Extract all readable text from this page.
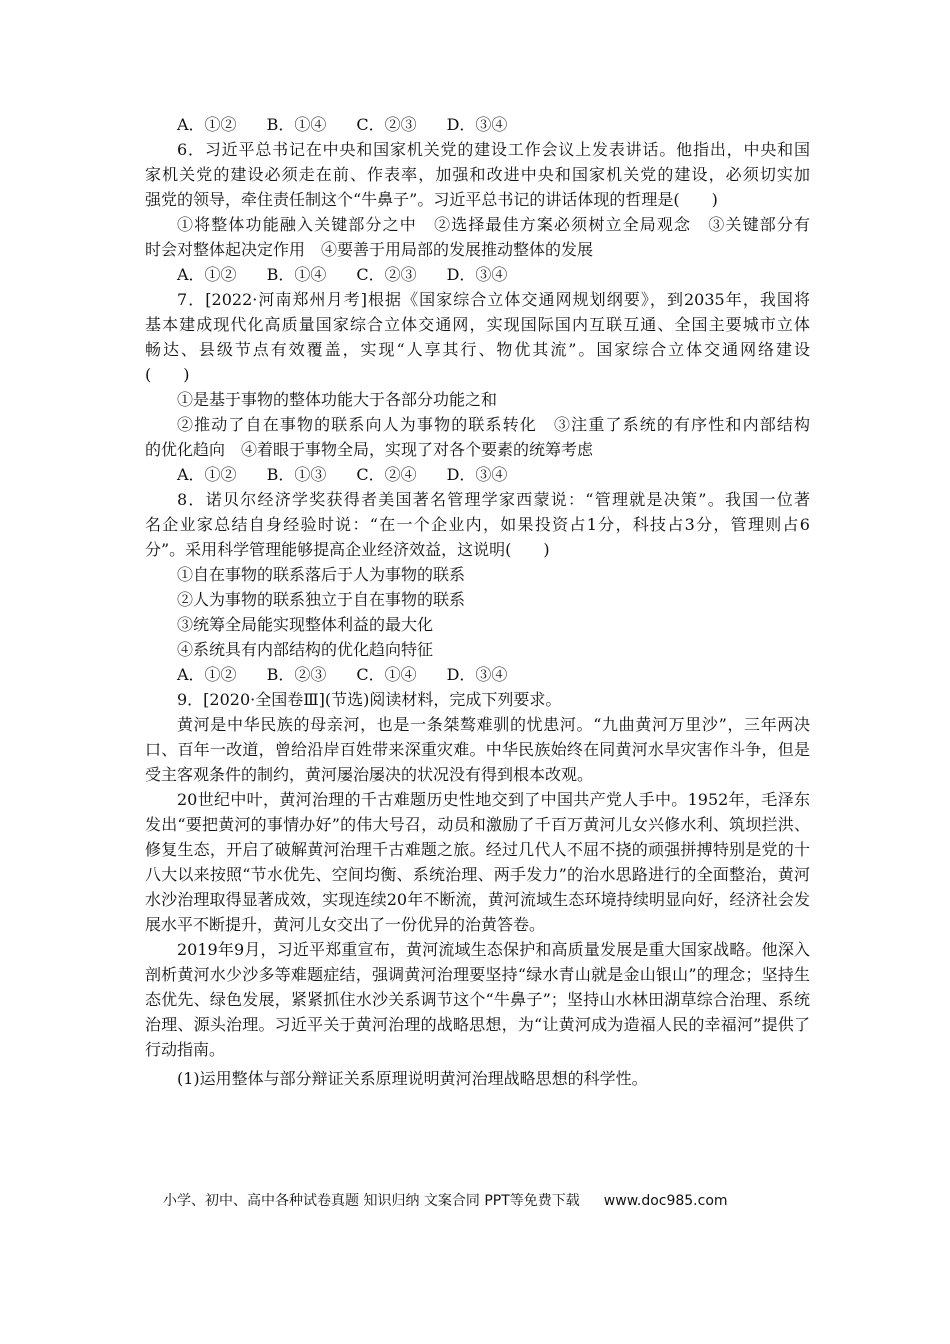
A．①② B．①④ C．②③ D．③④
6．习近平总书记在中央和国家机关党的建设工作会议上发表讲话。他指出，中央和国
家机关党的建设必须走在前、作表率，加强和改进中央和国家机关党的建设，必须切实加
强党的领导，牵住责任制这个“牛鼻子”。习近平总书记的讲话体现的哲理是(　　)
①将整体功能融入关键部分之中　②选择最佳方案必须树立全局观念　③关键部分有
时会对整体起决定作用　④要善于用局部的发展推动整体的发展
A．①② B．①④ C．②③ D．③④
7．[2022·河南郑州月考]根据《国家综合立体交通网规划纲要》，到2035年，我国将
基本建成现代化高质量国家综合立体交通网，实现国际国内互联互通、全国主要城市立体
畅达、县级节点有效覆盖，实现“人享其行、物优其流”。国家综合立体交通网络建设
(　　)
①是基于事物的整体功能大于各部分功能之和
②推动了自在事物的联系向人为事物的联系转化　③注重了系统的有序性和内部结构
的优化趋向　④着眼于事物全局，实现了对各个要素的统筹考虑
A．①② B．①③ C．②④ D．③④
8．诺贝尔经济学奖获得者美国著名管理学家西蒙说：“管理就是决策”。我国一位著
名企业家总结自身经验时说：“在一个企业内，如果投资占1分，科技占3分，管理则占6
分”。采用科学管理能够提高企业经济效益，这说明(　　)
①自在事物的联系落后于人为事物的联系
②人为事物的联系独立于自在事物的联系
③统筹全局能实现整体利益的最大化
④系统具有内部结构的优化趋向特征
A．①② B．②③ C．①④ D．③④
9．[2020·全国卷Ⅲ](节选)阅读材料，完成下列要求。

黄河是中华民族的母亲河，也是一条桀骜难驯的忧患河。“九曲黄河万里沙”，三年两决口、百年一改道，曾给沿岸百姓带来深重灾难。中华民族始终在同黄河水旱灾害作斗争，但是受主客观条件的制约，黄河屡治屡决的状况没有得到根本改观。

20世纪中叶，黄河治理的千古难题历史性地交到了中国共产党人手中。1952年，毛泽东发出“要把黄河的事情办好”的伟大号召，动员和激励了千百万黄河儿女兴修水利、筑坝拦洪、修复生态，开启了破解黄河治理千古难题之旅。经过几代人不屈不挠的顽强拼搏特别是党的十八大以来按照“节水优先、空间均衡、系统治理、两手发力”的治水思路进行的全面整治，黄河水沙治理取得显著成效，实现连续20年不断流，黄河流域生态环境持续明显向好，经济社会发展水平不断提升，黄河儿女交出了一份优异的治黄答卷。

2019年9月，习近平郑重宣布，黄河流域生态保护和高质量发展是重大国家战略。他深入剖析黄河水少沙多等难题症结，强调黄河治理要坚持“绿水青山就是金山银山”的理念；坚持生态优先、绿色发展，紧紧抓住水沙关系调节这个“牛鼻子”；坚持山水林田湖草综合治理、系统治理、源头治理。习近平关于黄河治理的战略思想，为“让黄河成为造福人民的幸福河”提供了行动指南。

(1)运用整体与部分辩证关系原理说明黄河治理战略思想的科学性。
小学、初中、高中各种试卷真题 知识归纳 文案合同 PPT等免费下载 www.doc985.com
